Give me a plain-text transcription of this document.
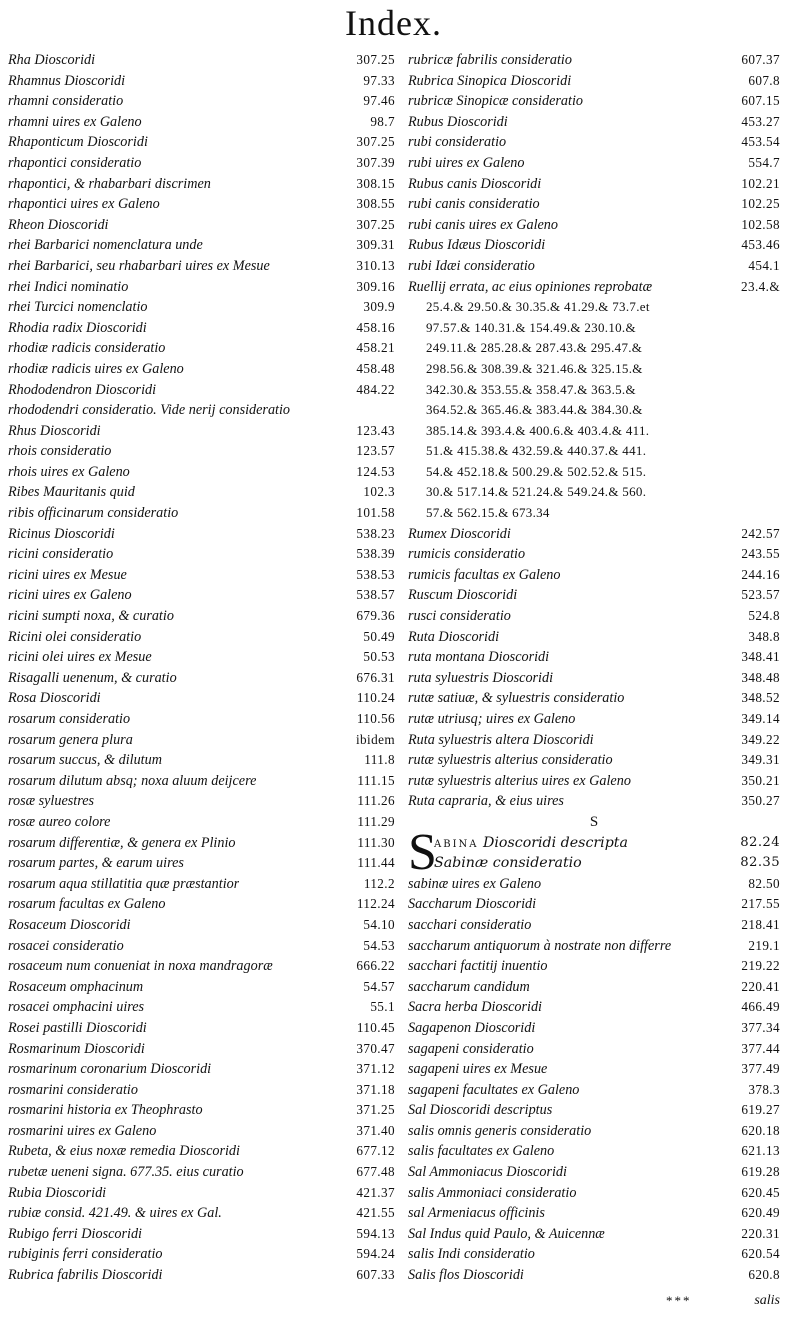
Index.
Rha Dioscoridi	307.25
Rhamnus Dioscoridi	97.33
rhamni consideratio	97.46
rhamni uires ex Galeno	98.7
Rhaponticum Dioscoridi	307.25
rhapontici consideratio	307.39
rhapontici, & rhabarbari discrimen	308.15
rhapontici uires ex Galeno	308.55
Rheon Dioscoridi	307.25
rhei Barbarici nomenclatura unde	309.31
rhei Barbarici, seu rhabarbari uires ex Mesue	310.13
rhei Indici nominatio	309.16
rhei Turcici nomenclatio	309.9
Rhodia radix Dioscoridi	458.16
rhodiæ radicis consideratio	458.21
rhodiæ radicis uires ex Galeno	458.48
Rhododendron Dioscoridi	484.22
rhododendri consideratio. Vide nerij consideratio
Rhus Dioscoridi	123.43
rhois consideratio	123.57
rhois uires ex Galeno	124.53
Ribes Mauritanis quid	102.3
ribis officinarum consideratio	101.58
Ricinus Dioscoridi	538.23
ricini consideratio	538.39
ricini uires ex Mesue	538.53
ricini uires ex Galeno	538.57
ricini sumpti noxa, & curatio	679.36
Ricini olei consideratio	50.49
ricini olei uires ex Mesue	50.53
Risagalli uenenum, & curatio	676.31
Rosa Dioscoridi	110.24
rosarum consideratio	110.56
rosarum genera plura	ibidem
rosarum succus, & dilutum	111.8
rosarum dilutum absq; noxa aluum deijcere	111.15
rosæ syluestres	111.26
rosæ aureo colore	111.29
rosarum differentiæ, & genera ex Plinio	111.30
rosarum partes, & earum uires	111.44
rosarum aqua stillatitia quæ præstantior	112.2
rosarum facultas ex Galeno	112.24
Rosaceum Dioscoridi	54.10
rosacei consideratio	54.53
rosaceum num conueniat in noxa mandragoræ	666.22
Rosaceum omphacinum	54.57
rosacei omphacini uires	55.1
Rosei pastilli Dioscoridi	110.45
Rosmarinum Dioscoridi	370.47
rosmarinum coronarium Dioscoridi	371.12
rosmarini consideratio	371.18
rosmarini historia ex Theophrasto	371.25
rosmarini uires ex Galeno	371.40
Rubeta, & eius noxæ remedia Dioscoridi	677.12
rubetæ ueneni signa. 677.35. eius curatio	677.48
Rubia Dioscoridi	421.37
rubiæ consid. 421.49. & uires ex Gal.	421.55
Rubigo ferri Dioscoridi	594.13
rubiginis ferri consideratio	594.24
Rubrica fabrilis Dioscoridi	607.33
rubricæ fabrilis consideratio	607.37
Rubrica Sinopica Dioscoridi	607.8
rubricæ Sinopicæ consideratio	607.15
Rubus Dioscoridi	453.27
rubi consideratio	453.54
rubi uires ex Galeno	554.7
Rubus canis Dioscoridi	102.21
rubi canis consideratio	102.25
rubi canis uires ex Galeno	102.58
Rubus Idæus Dioscoridi	453.46
rubi Idæi consideratio	454.1
Ruellij errata, ac eius opiniones reprobatæ	23.4.&
25.4.& 29.50.& 30.35.& 41.29.& 73.7.et
97.57.& 140.31.& 154.49.& 230.10.&
249.11.& 285.28.& 287.43.& 295.47.&
298.56.& 308.39.& 321.46.& 325.15.&
342.30.& 353.55.& 358.47.& 363.5.&
364.52.& 365.46.& 383.44.& 384.30.&
385.14.& 393.4.& 400.6.& 403.4.& 411.
51.& 415.38.& 432.59.& 440.37.& 441.
54.& 452.18.& 500.29.& 502.52.& 515.
30.& 517.14.& 521.24.& 549.24.& 560.
57.& 562.15.& 673.34
Rumex Dioscoridi	242.57
rumicis consideratio	243.55
rumicis facultas ex Galeno	244.16
Ruscum Dioscoridi	523.57
rusci consideratio	524.8
Ruta Dioscoridi	348.8
ruta montana Dioscoridi	348.41
ruta syluestris Dioscoridi	348.48
rutæ satiuæ, & syluestris consideratio	348.52
rutæ utriusq; uires ex Galeno	349.14
Ruta syluestris altera Dioscoridi	349.22
rutæ syluestris alterius consideratio	349.31
rutæ syluestris alterius uires ex Galeno	350.21
Ruta capraria, & eius uires	350.27
S
S
abina Dioscoridi descripta	82.24
Sabinæ consideratio	82.35
sabinæ uires ex Galeno	82.50
Saccharum Dioscoridi	217.55
sacchari consideratio	218.41
saccharum antiquorum à nostrate non differre	219.1
sacchari factitij inuentio	219.22
saccharum candidum	220.41
Sacra herba Dioscoridi	466.49
Sagapenon Dioscoridi	377.34
sagapeni consideratio	377.44
sagapeni uires ex Mesue	377.49
sagapeni facultates ex Galeno	378.3
Sal Dioscoridi descriptus	619.27
salis omnis generis consideratio	620.18
salis facultates ex Galeno	621.13
Sal Ammoniacus Dioscoridi	619.28
salis Ammoniaci consideratio	620.45
sal Armeniacus officinis	620.49
Sal Indus quid Paulo, & Auicennæ	220.31
salis Indi consideratio	620.54
Salis flos Dioscoridi	620.8
***	salis
